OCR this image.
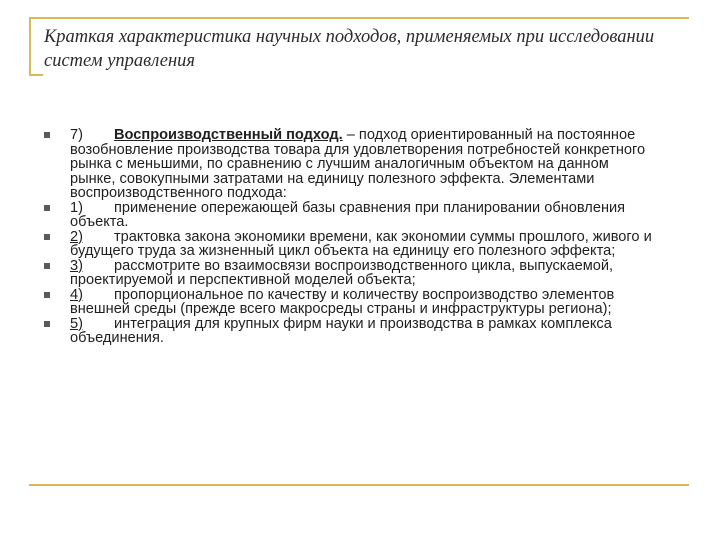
Краткая характеристика научных подходов, применяемых при исследовании систем управления
7) Воспроизводственный подход. – подход ориентированный на постоянное возобновление производства товара для удовлетворения потребностей конкретного рынка с меньшими, по сравнению с лучшим аналогичным объектом на данном рынке, совокупными затратами на единицу полезного эффекта. Элементами воспроизводственного подхода:
1) применение опережающей базы сравнения при планировании обновления объекта.
2) трактовка закона экономики времени, как экономии суммы прошлого, живого и будущего труда за жизненный цикл объекта на единицу его полезного эффекта;
3) рассмотрите во взаимосвязи воспроизводственного цикла, выпускаемой, проектируемой и перспективной моделей объекта;
4) пропорциональное по качеству и количеству воспроизводство элементов внешней среды (прежде всего макросреды страны и инфраструктуры региона);
5) интеграция для крупных фирм науки и производства в рамках комплекса объединения.
